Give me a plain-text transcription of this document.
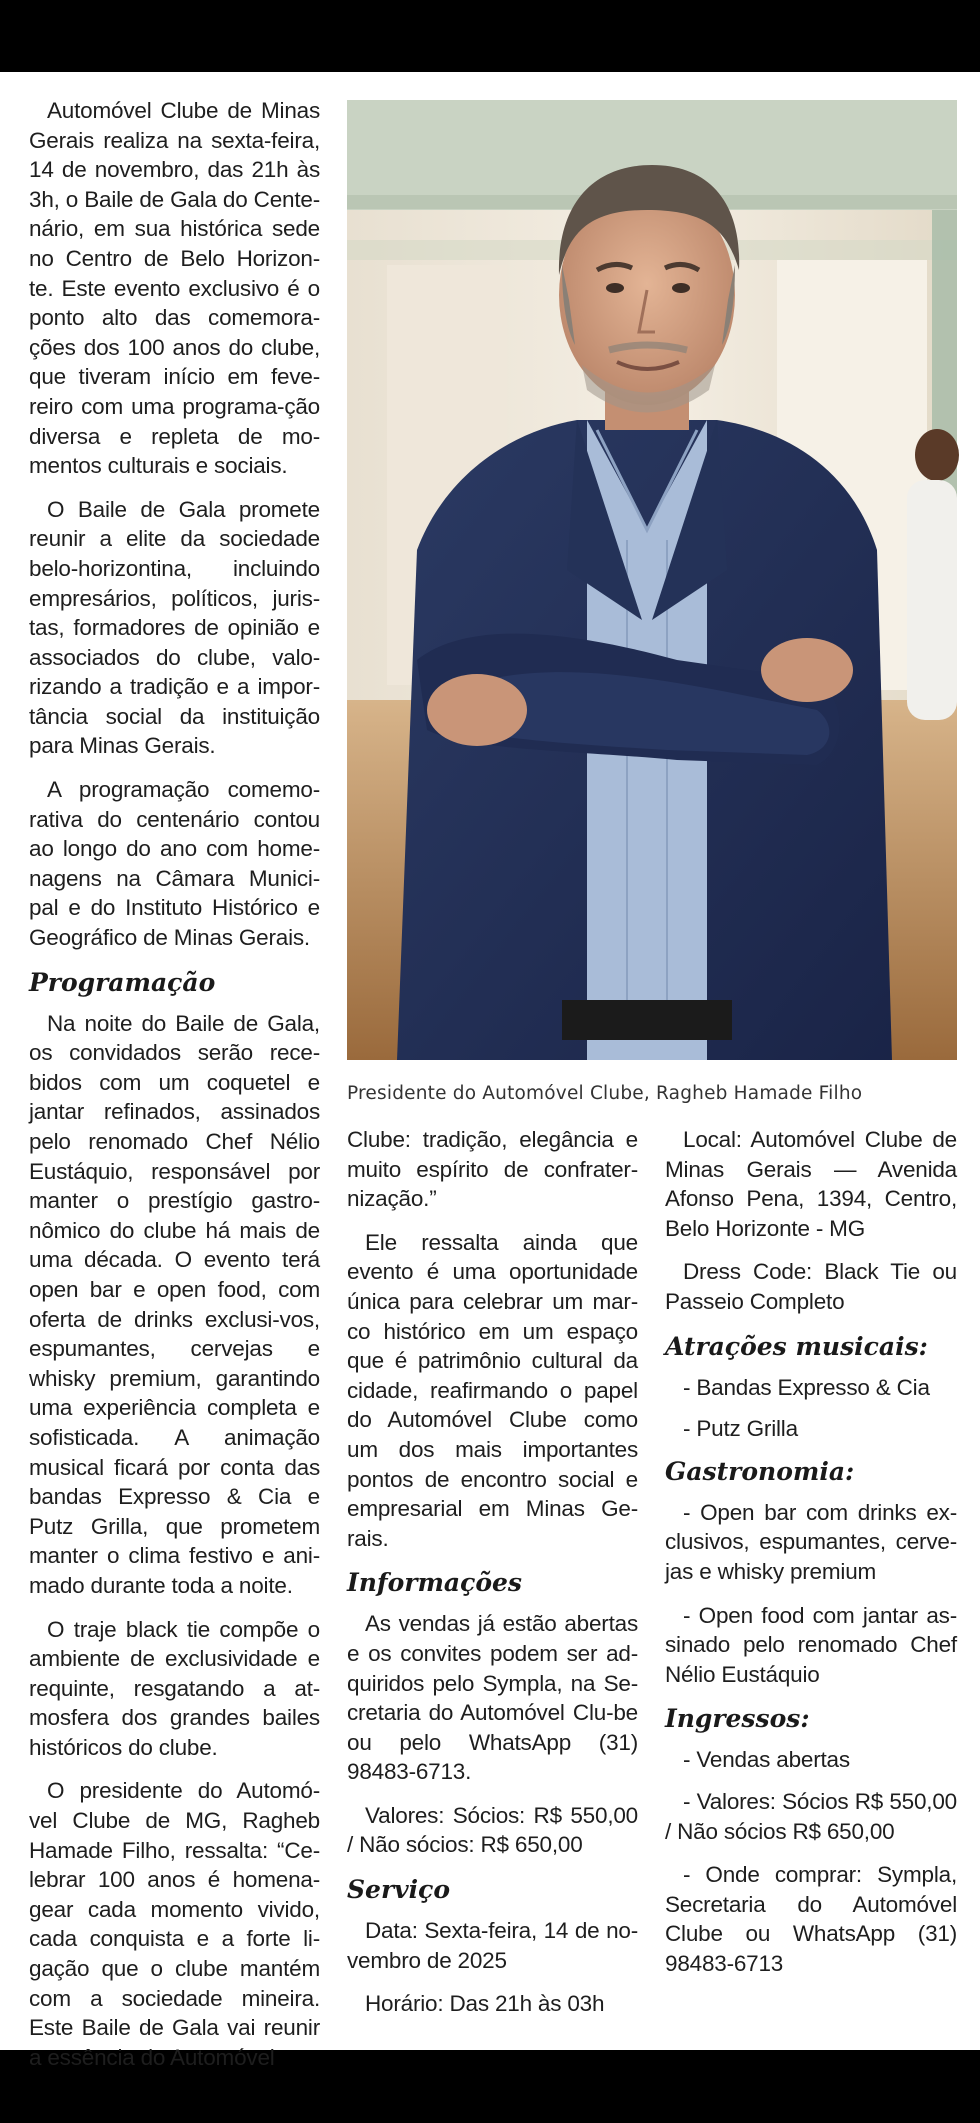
Automóvel Clube de Minas Gerais realiza na sexta-feira, 14 de novembro, das 21h às 3h, o Baile de Gala do Cente-nário, em sua histórica sede no Centro de Belo Horizon-te. Este evento exclusivo é o ponto alto das comemora-ções dos 100 anos do clube, que tiveram início em feve-reiro com uma programa-ção diversa e repleta de mo-mentos culturais e sociais.

O Baile de Gala promete reunir a elite da sociedade belo-horizontina, incluindo empresários, políticos, juris-tas, formadores de opinião e associados do clube, valo-rizando a tradição e a impor-tância social da instituição para Minas Gerais.

A programação comemo-rativa do centenário contou ao longo do ano com home-nagens na Câmara Munici-pal e do Instituto Histórico e Geográfico de Minas Gerais.

Programação

Na noite do Baile de Gala, os convidados serão rece-bidos com um coquetel e jantar refinados, assinados pelo renomado Chef Nélio Eustáquio, responsável por manter o prestígio gastro-nômico do clube há mais de uma década. O evento terá open bar e open food, com oferta de drinks exclusi-vos, espumantes, cervejas e whisky premium, garantindo uma experiência completa e sofisticada. A animação musical ficará por conta das bandas Expresso & Cia e Putz Grilla, que prometem manter o clima festivo e ani-mado durante toda a noite.

O traje black tie compõe o ambiente de exclusividade e requinte, resgatando a at-mosfera dos grandes bailes históricos do clube.

O presidente do Automó-vel Clube de MG, Ragheb Hamade Filho, ressalta: “Ce-lebrar 100 anos é homena-gear cada momento vivido, cada conquista e a forte li-gação que o clube mantém com a sociedade mineira. Este Baile de Gala vai reunir a essência do Automóvel

Presidente do Automóvel Clube, Ragheb Hamade Filho

Clube: tradição, elegância e muito espírito de confrater-nização.”

Ele ressalta ainda que evento é uma oportunidade única para celebrar um mar-co histórico em um espaço que é patrimônio cultural da cidade, reafirmando o papel do Automóvel Clube como um dos mais importantes pontos de encontro social e empresarial em Minas Ge-rais.

Informações

As vendas já estão abertas e os convites podem ser ad-quiridos pelo Sympla, na Se-cretaria do Automóvel Clu-be ou pelo WhatsApp (31) 98483-6713.

Valores: Sócios: R$ 550,00 / Não sócios: R$ 650,00

Serviço

Data: Sexta-feira, 14 de no-vembro de 2025

Horário: Das 21h às 03h

Local: Automóvel Clube de Minas Gerais — Avenida Afonso Pena, 1394, Centro, Belo Horizonte - MG

Dress Code: Black Tie ou Passeio Completo

Atrações musicais:

- Bandas Expresso & Cia

- Putz Grilla

Gastronomia:

- Open bar com drinks ex-clusivos, espumantes, cerve-jas e whisky premium

- Open food com jantar as-sinado pelo renomado Chef Nélio Eustáquio

Ingressos:

- Vendas abertas

- Valores: Sócios R$ 550,00 / Não sócios R$ 650,00

- Onde comprar: Sympla, Secretaria do Automóvel Clube ou WhatsApp (31) 98483-6713
